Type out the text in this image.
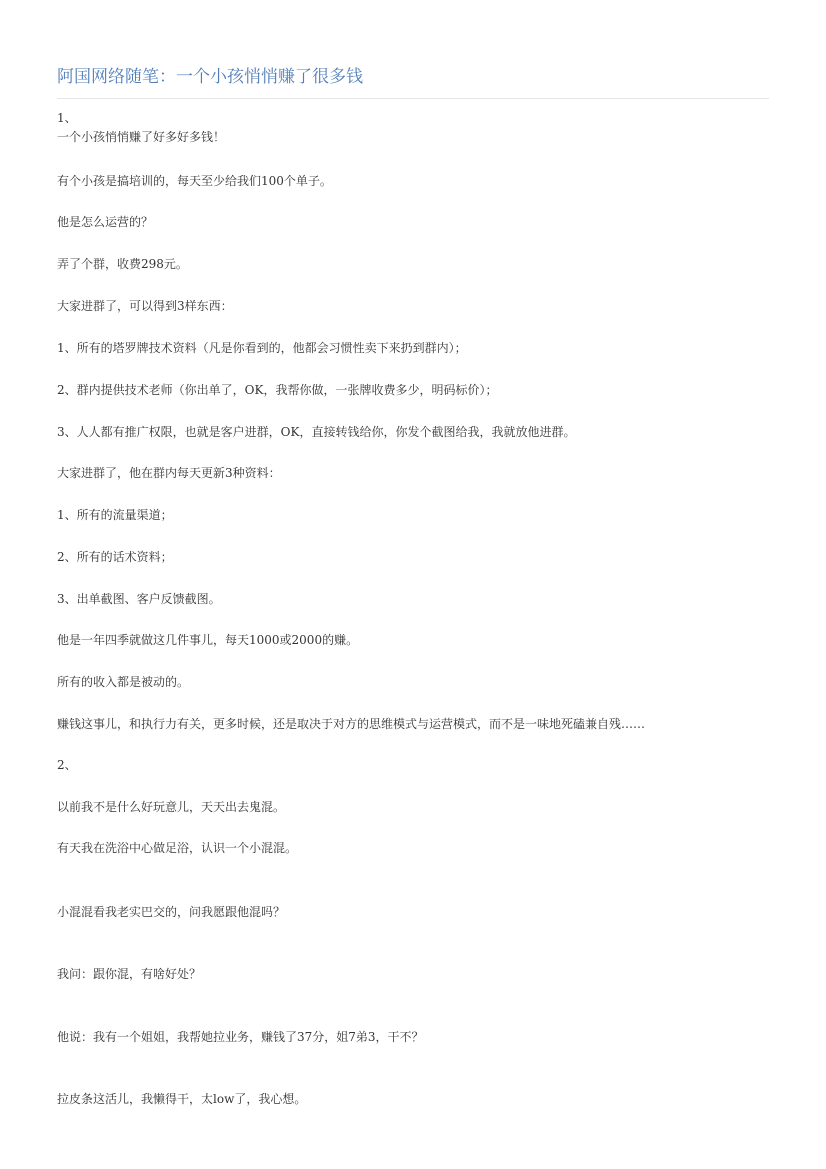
阿国网络随笔：一个小孩悄悄赚了很多钱
1、
一个小孩悄悄赚了好多好多钱！
有个小孩是搞培训的，每天至少给我们100个单子。
他是怎么运营的？
弄了个群，收费298元。
大家进群了，可以得到3样东西：
1、所有的塔罗牌技术资料（凡是你看到的，他都会习惯性卖下来扔到群内）；
2、群内提供技术老师（你出单了，OK，我帮你做，一张牌收费多少，明码标价）；
3、人人都有推广权限，也就是客户进群，OK，直接转钱给你，你发个截图给我，我就放他进群。
大家进群了，他在群内每天更新3种资料：
1、所有的流量渠道；
2、所有的话术资料；
3、出单截图、客户反馈截图。
他是一年四季就做这几件事儿，每天1000或2000的赚。
所有的收入都是被动的。
赚钱这事儿，和执行力有关，更多时候，还是取决于对方的思维模式与运营模式，而不是一味地死磕兼自残……
2、
以前我不是什么好玩意儿，天天出去鬼混。
有天我在洗浴中心做足浴，认识一个小混混。
小混混看我老实巴交的，问我愿跟他混吗？
我问：跟你混，有啥好处？
他说：我有一个姐姐，我帮她拉业务，赚钱了37分，姐7弟3，干不？
拉皮条这活儿，我懒得干，太low了，我心想。
